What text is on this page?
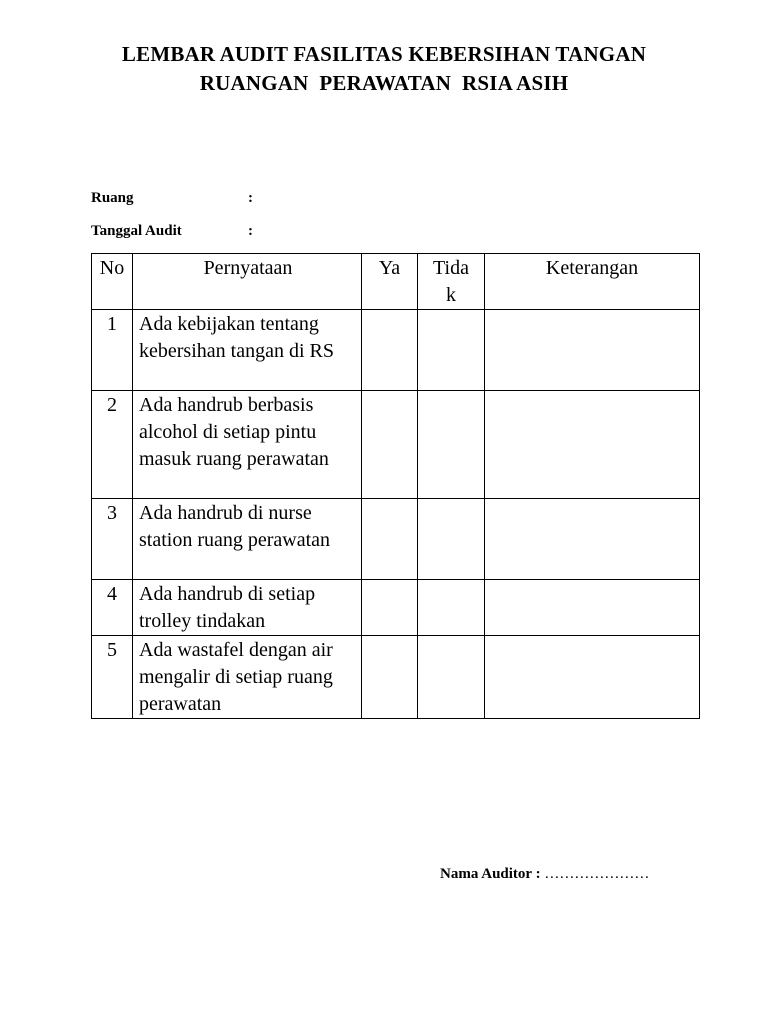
LEMBAR AUDIT FASILITAS KEBERSIHAN TANGAN
RUANGAN  PERAWATAN  RSIA ASIH
Ruang	:
Tanggal Audit	:
No	Pernyataan	Ya	Tidak	Keterangan
1	Ada kebijakan tentang kebersihan tangan di RS			
2	Ada handrub berbasis alcohol di setiap pintu masuk ruang perawatan			
3	Ada handrub di nurse station ruang perawatan			
4	Ada handrub di setiap trolley tindakan			
5	Ada wastafel dengan air mengalir di setiap ruang perawatan			
Nama Auditor : …………………
